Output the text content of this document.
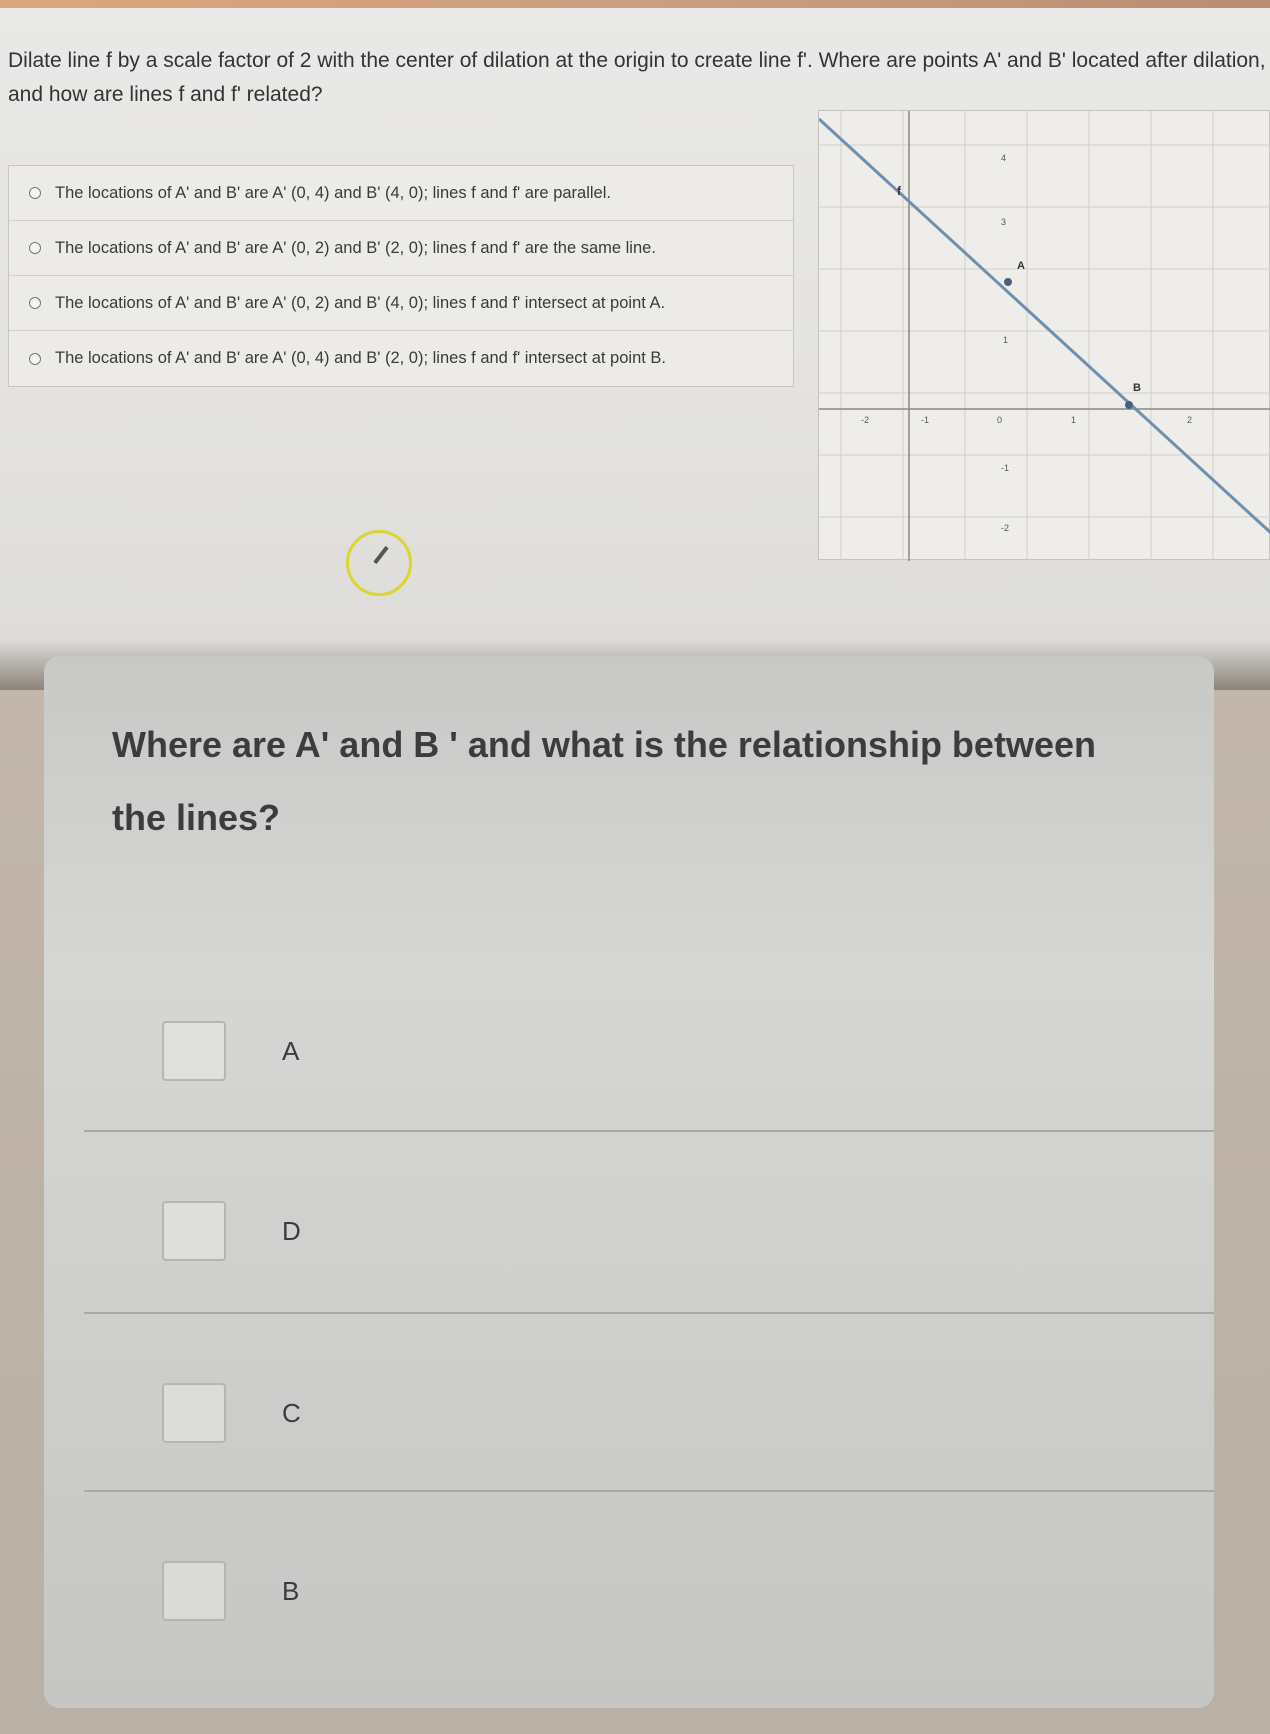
Dilate line f by a scale factor of 2 with the center of dilation at the origin to create line f'. Where are points A' and B' located after dilation, and how are lines f and f' related?
The locations of A' and B' are A' (0, 4) and B' (4, 0); lines f and f' are parallel.
The locations of A' and B' are A' (0, 2) and B' (2, 0); lines f and f' are the same line.
The locations of A' and B' are A' (0, 2) and B' (4, 0); lines f and f' intersect at point A.
The locations of A' and B' are A' (0, 4) and B' (2, 0); lines f and f' intersect at point B.
-2	-1	0	1	2
4
3
1
-1
-2
f
A
B
Where are A' and B ' and what is the relationship between the lines?
A
D
C
B
